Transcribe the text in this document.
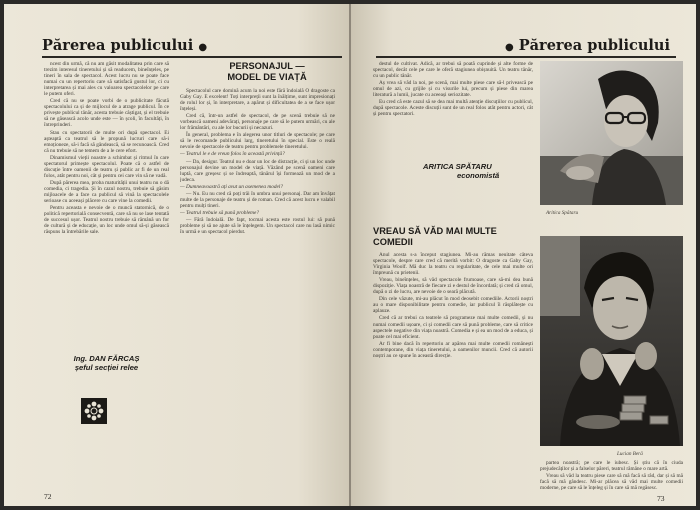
Părerea publicului ●

ncest din urmă, că nu am găsit modalitatea prin care să trezim interesul tineretului și să readucem, bineînțeles, pe tineri în sala de spectacol. Acest lucru nu se poate face numai cu un repertoriu care să satisfacă gustul lor, ci cu interpretarea și mai ales cu valoarea spectacolelor pe care le putem oferi.

Cred că nu se poate vorbi de o publicitate făcută spectacolului ca și de mijlocul de a atrage publicul. În ce privește publicul tânăr, acesta trebuie câștigat, și el trebuie să ne găsească acolo unde este — în școli, în facultăți, în întreprinderi.

Stau cu spectatorii de multe ori după spectacol. Ei așteaptă ca teatrul să le propună lucruri care să-i emoționeze, să-i facă să gândească, să se recunoască. Cred că nu trebuie să ne temem de a le cere efort.

Dinamismul vieții noastre a schimbat și ritmul în care spectatorul primește spectacolul. Poate că o astfel de discuție între oamenii de teatru și public ar fi de un real folos, atât pentru noi, cât și pentru cei care vin să ne vadă.

După părerea mea, proba maturității unui teatru nu o dă comedia, ci tragedia. Și în cazul nostru, trebuie să găsim mijloacele de a face ca publicul să vină la spectacolele serioase cu aceeași plăcere cu care vine la comedii.

Pentru aceasta e nevoie de o muncă statornică, de o politică repertorială consecventă, care să nu se lase tentată de succesul ușor. Teatrul nostru trebuie să rămână un for de cultură și de educație, un loc unde omul să-și găsească răspuns la întrebările sale.

Ing. DAN FĂRCAȘ
șeful secției relee
72
PERSONAJUL —
MODEL DE VIAȚĂ

Spectacolul care domină acum la noi este fără îndoială O dragoste ca Gaby Gay. E excelent! Toți interpreții sunt la înălțime, sunt impresionați de rolul lor și, în interpretare, a apărut și dificultatea de a se face ușor înțeleși.

Cred că, într-un astfel de spectacol, de pe scenă trebuie să ne vorbească oameni adevărați, personaje pe care să le putem urmări, cu ale lor frământări, cu ale lor bucurii și necazuri.

În general, problema e în alegerea unor titluri de spectacole; pe care să le recomande publicului larg, tineretului în special. Este o reală nevoie de spectacole de teatru pentru problemele tineretului.

— Teatrul le e de vreun folos în această privință?

— Da, desigur. Teatrul nu e doar un loc de distracție, ci și un loc unde personajul devine un model de viață. Văzând pe scenă oameni care luptă, care greșesc și se îndreaptă, tânărul își formează un mod de a judeca.

— Dumneavoastră ați avut un asemenea model?

— Nu. Eu nu cred că poți trăi în umbra unui personaj. Dar am învățat multe de la personaje de teatru și de roman. Cred că acest lucru e valabil pentru mulți tineri.

— Teatrul trebuie să pună probleme?

— Fără îndoială. De fapt, tocmai acesta este rostul lui: să pună probleme și să ne ajute să le înțelegem. Un spectacol care nu lasă nimic în urmă e un spectacol pierdut.

● Părerea publicului

destul de cultivat. Adică, ar trebui să poată cuprinde și alte forme de spectacol, decât cele pe care le oferă stagiunea obișnuită. Un teatru tânăr, cu un public tânăr.

Aș vrea să văd la noi, pe scenă, mai multe piese care să-l privească pe omul de azi, cu grijile și cu visurile lui, precum și piese din marea literatură a lumii, jucate cu aceeași seriozitate.

Eu cred că este cazul să se dea mai multă atenție discuțiilor cu publicul, după spectacole. Aceste discuții sunt de un real folos atât pentru actori, cât și pentru spectatori.

ARITICA SPĂTARU
economistă
Aritica Spătaru
VREAU SĂ VĂD MAI MULTE
COMEDII

Anul acesta s-a început stagiunea. Mi-au rămas neuitate câteva spectacole, despre care cred că merită vorbit: O dragoste ca Gaby Gay, Virginia Woolf. Mă duc la teatru cu regularitate, de cele mai multe ori împreună cu prietenii.

Vreau, bineînțeles, să văd spectacole frumoase, care să-mi dea bună dispoziție. Viața noastră de fiecare zi e destul de încordată; și cred că omul, după o zi de lucru, are nevoie de o seară plăcută.

Din cele văzute, mi-au plăcut în mod deosebit comediile. Actorii noștri au o mare disponibilitate pentru comedie, iar publicul îi răsplătește cu aplauze.

Cred că ar trebui ca teatrele să programeze mai multe comedii, și nu numai comedii ușoare, ci și comedii care să pună probleme, care să critice aspectele negative din viața noastră. Comedia e și ea un mod de a educa, și poate cel mai eficient.

Ar fi bine dacă în repertoriu ar apărea mai multe comedii românești contemporane, din viața tineretului, a oamenilor muncii. Cred că autorii noștri au ce spune în această direcție.

Lucian Beră

partea noastră; pe care le iubesc. Și știu că în ciuda prejudecăților și a falselor păreri, teatrul rămâne o mare artă.

Vreau să văd la teatru piese care să mă facă să râd, dar și să mă facă să mă gândesc. Mi-ar plăcea să văd mai multe comedii moderne, pe care să le înțeleg și în care să mă regăsesc.

73
